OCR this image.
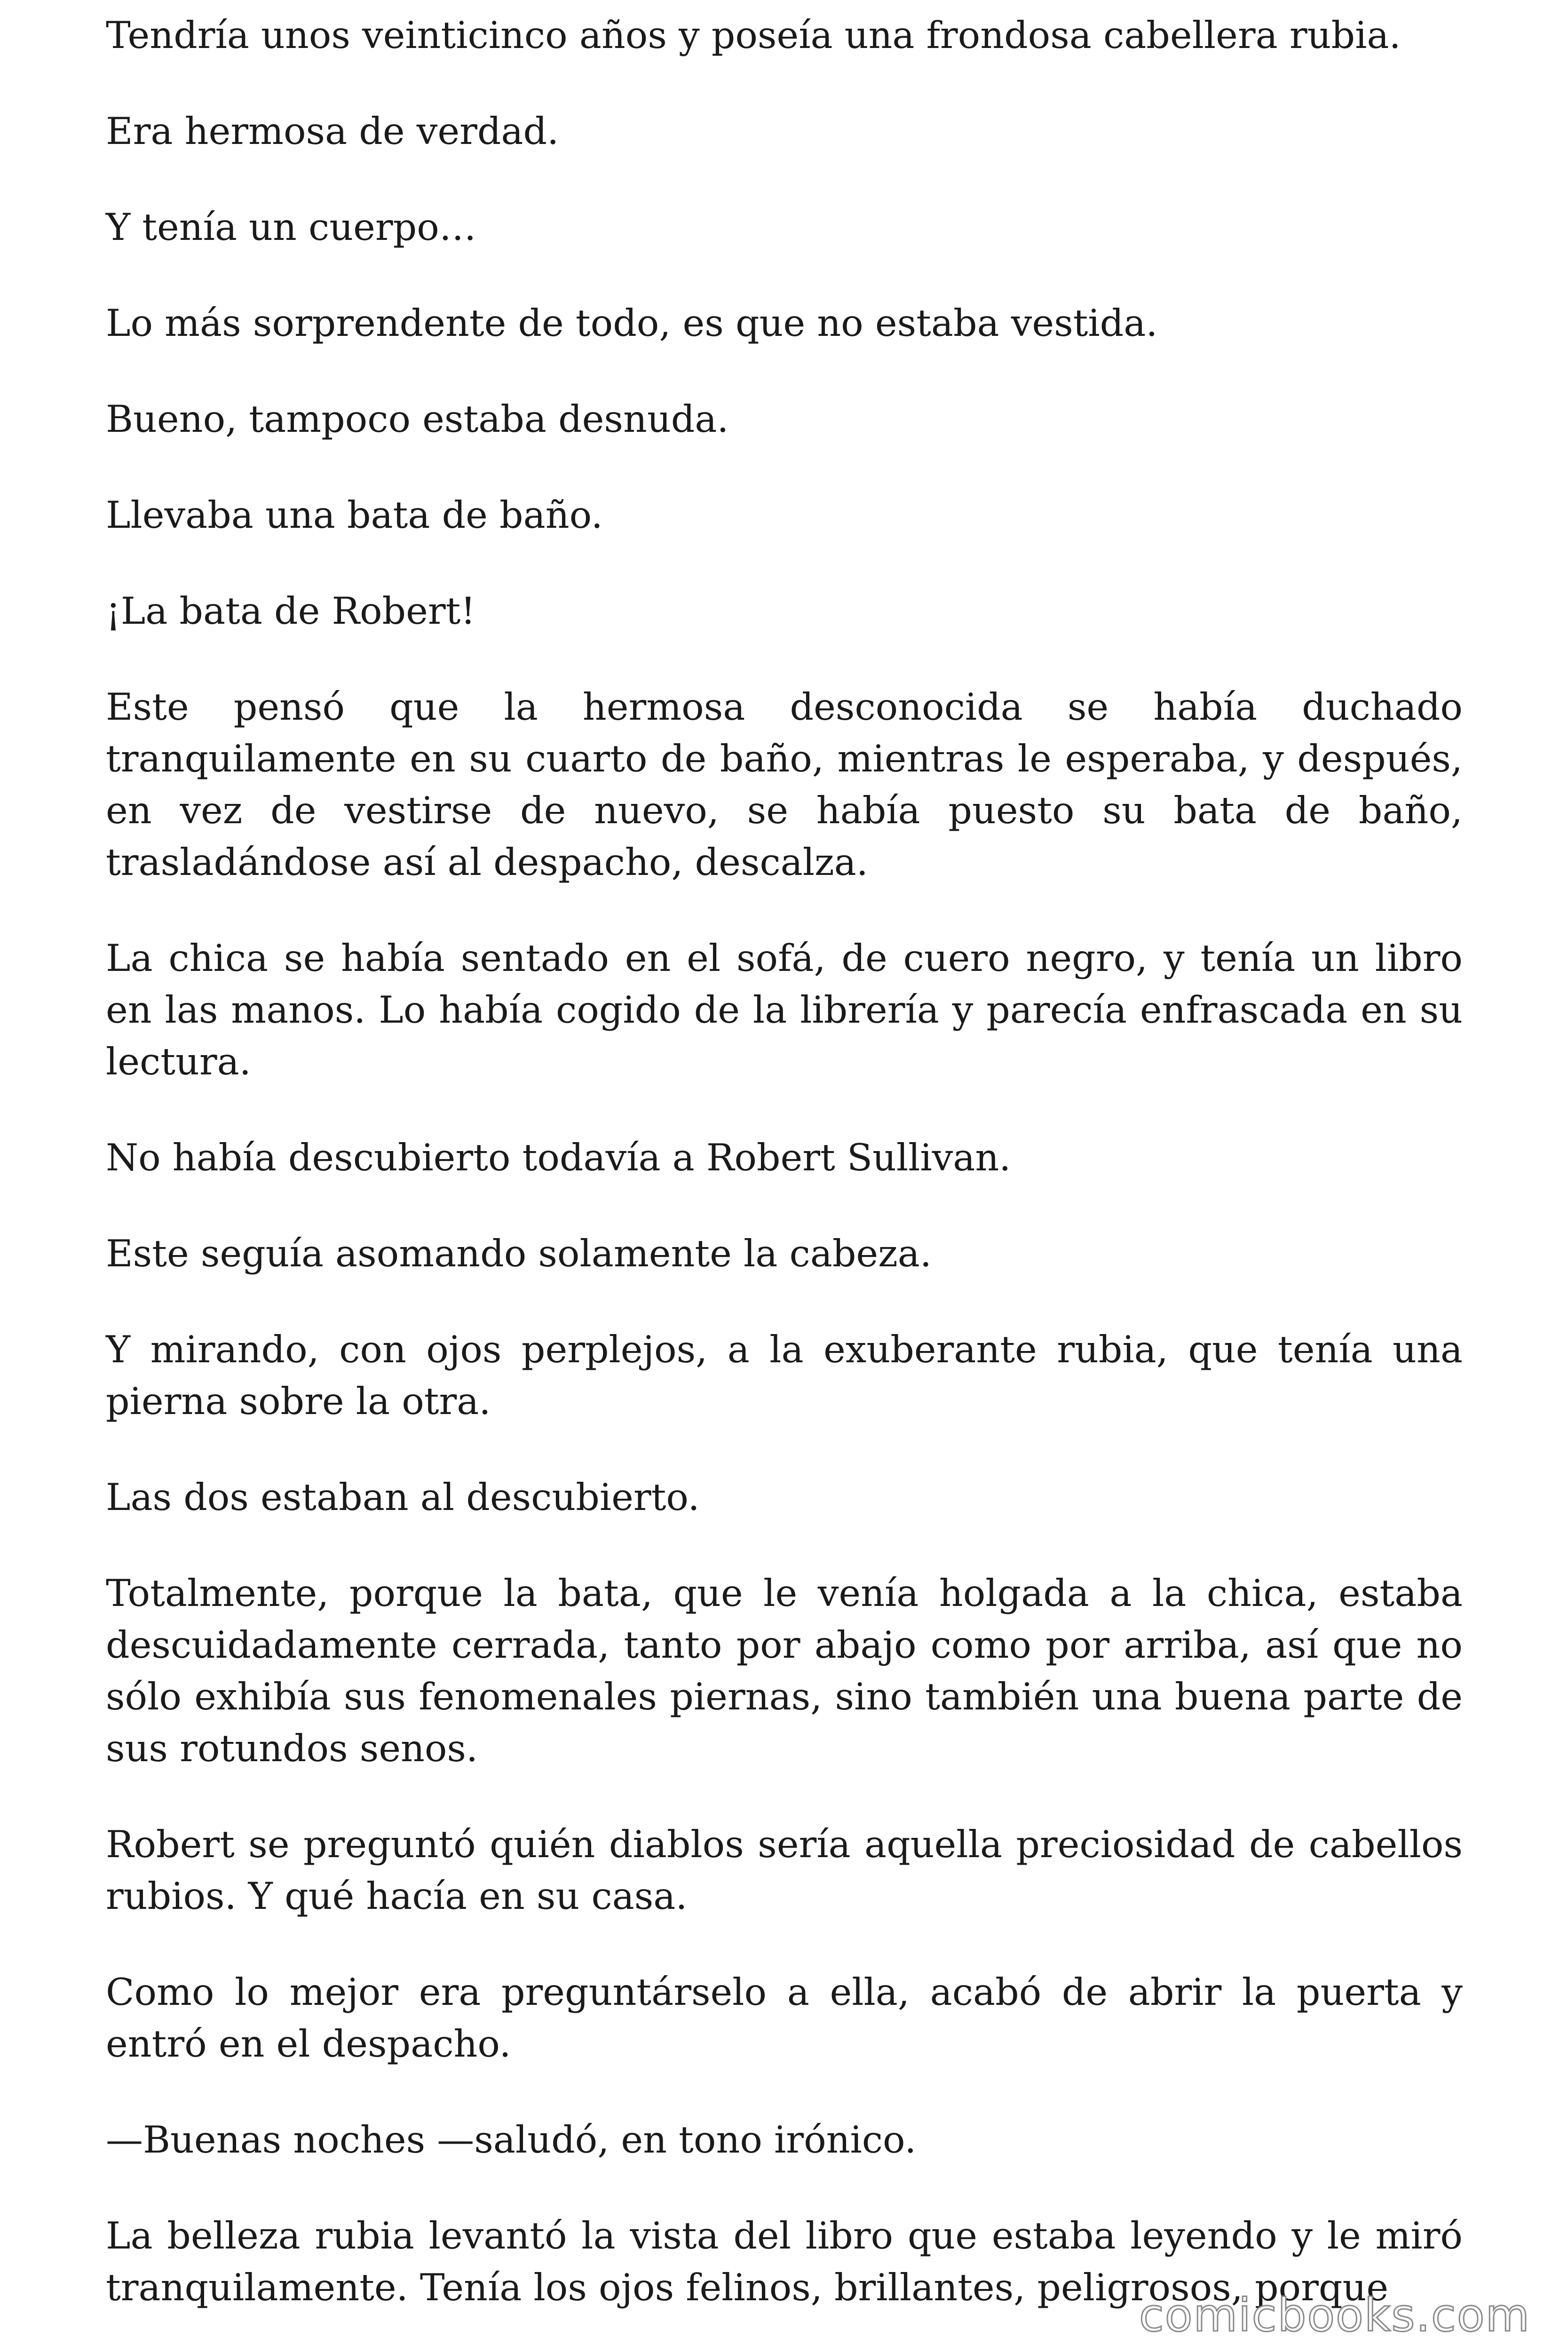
Tendría unos veinticinco años y poseía una frondosa cabellera rubia.

Era hermosa de verdad.

Y tenía un cuerpo…

Lo más sorprendente de todo, es que no estaba vestida.

Bueno, tampoco estaba desnuda.

Llevaba una bata de baño.

¡La bata de Robert!

Este pensó que la hermosa desconocida se había duchado tranquilamente en su cuarto de baño, mientras le esperaba, y después, en vez de vestirse de nuevo, se había puesto su bata de baño, trasladándose así al despacho, descalza.

La chica se había sentado en el sofá, de cuero negro, y tenía un libro en las manos. Lo había cogido de la librería y parecía enfrascada en su lectura.

No había descubierto todavía a Robert Sullivan.

Este seguía asomando solamente la cabeza.

Y mirando, con ojos perplejos, a la exuberante rubia, que tenía una pierna sobre la otra.

Las dos estaban al descubierto.

Totalmente, porque la bata, que le venía holgada a la chica, estaba descuidadamente cerrada, tanto por abajo como por arriba, así que no sólo exhibía sus fenomenales piernas, sino también una buena parte de sus rotundos senos.

Robert se preguntó quién diablos sería aquella preciosidad de cabellos rubios. Y qué hacía en su casa.

Como lo mejor era preguntárselo a ella, acabó de abrir la puerta y entró en el despacho.

—Buenas noches —saludó, en tono irónico.

La belleza rubia levantó la vista del libro que estaba leyendo y le miró tranquilamente. Tenía los ojos felinos, brillantes, peligrosos, porque

comicbooks.com
